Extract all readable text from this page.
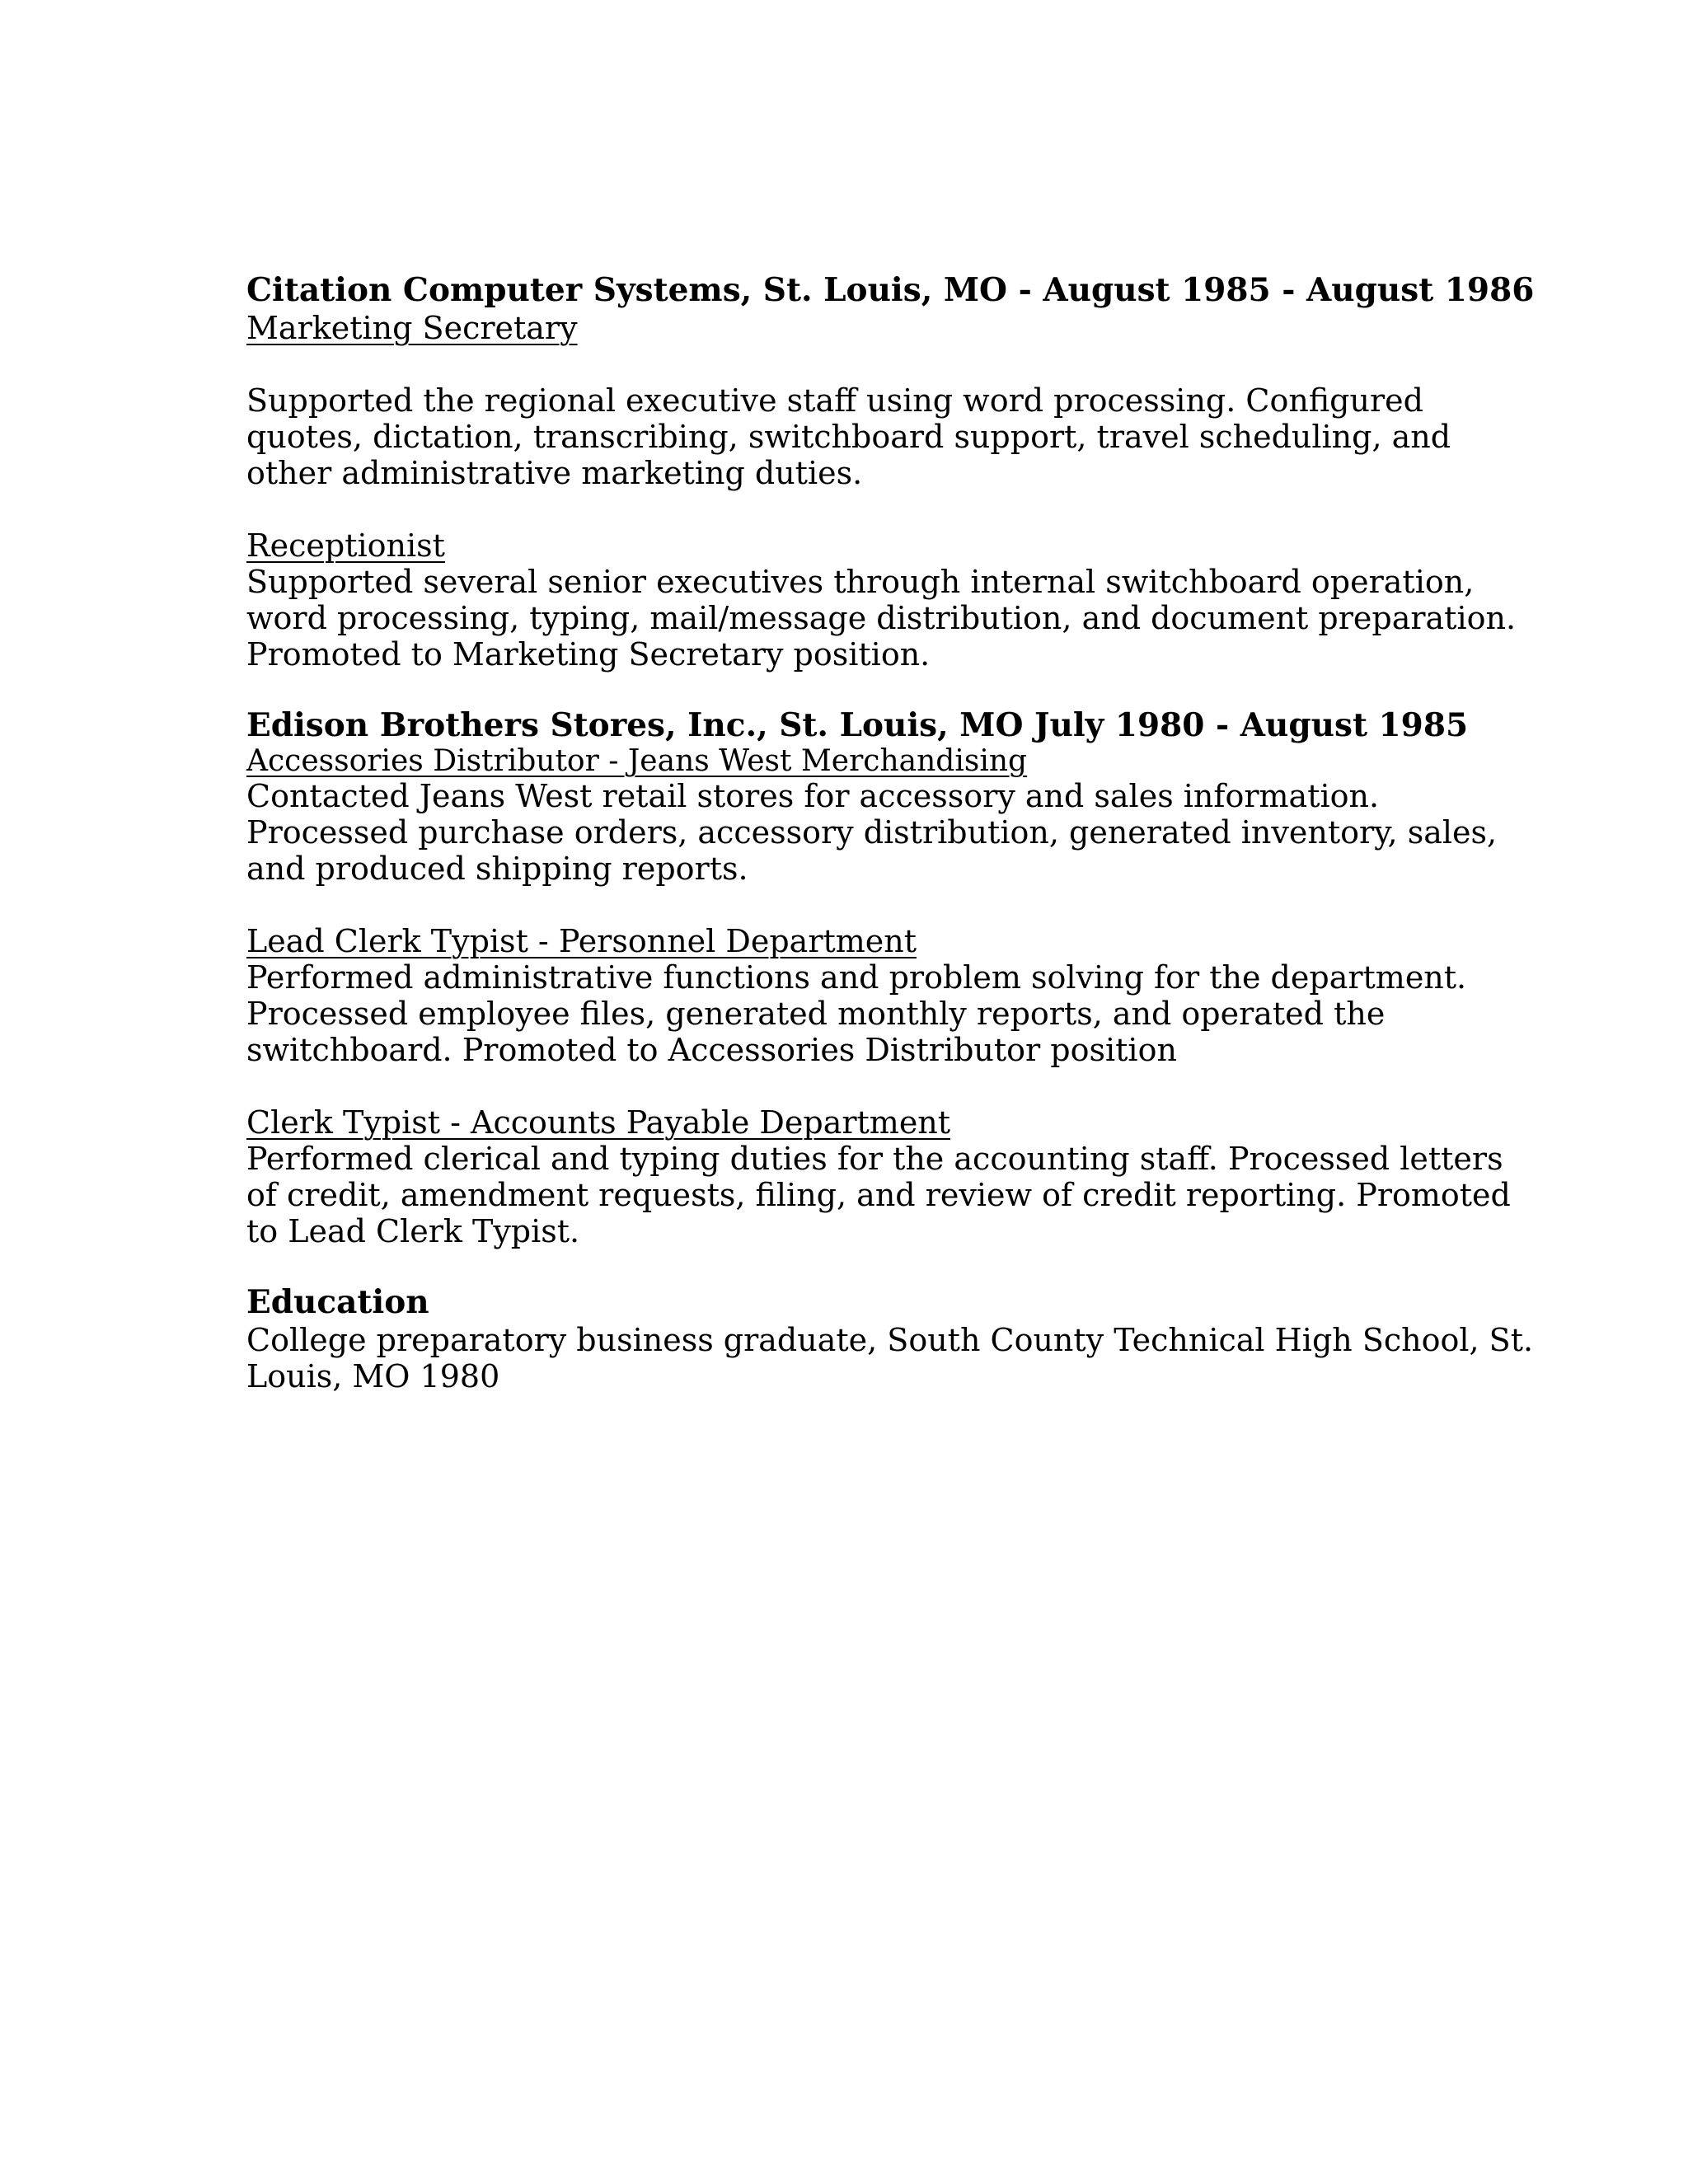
Citation Computer Systems, St. Louis, MO - August 1985 - August 1986
Marketing Secretary

Supported the regional executive staff using word processing. Configured

quotes, dictation, transcribing, switchboard support, travel scheduling, and

other administrative marketing duties.

Receptionist

Supported several senior executives through internal switchboard operation,

word processing, typing, mail/message distribution, and document preparation.

Promoted to Marketing Secretary position.

Edison Brothers Stores, Inc., St. Louis, MO July 1980 - August 1985
Accessories Distributor - Jeans West Merchandising

Contacted Jeans West retail stores for accessory and sales information.

Processed purchase orders, accessory distribution, generated inventory, sales,

and produced shipping reports.

Lead Clerk Typist - Personnel Department

Performed administrative functions and problem solving for the department.

Processed employee files, generated monthly reports, and operated the

switchboard. Promoted to Accessories Distributor position

Clerk Typist - Accounts Payable Department

Performed clerical and typing duties for the accounting staff. Processed letters

of credit, amendment requests, filing, and review of credit reporting. Promoted

to Lead Clerk Typist.

Education

College preparatory business graduate, South County Technical High School, St.

Louis, MO 1980
